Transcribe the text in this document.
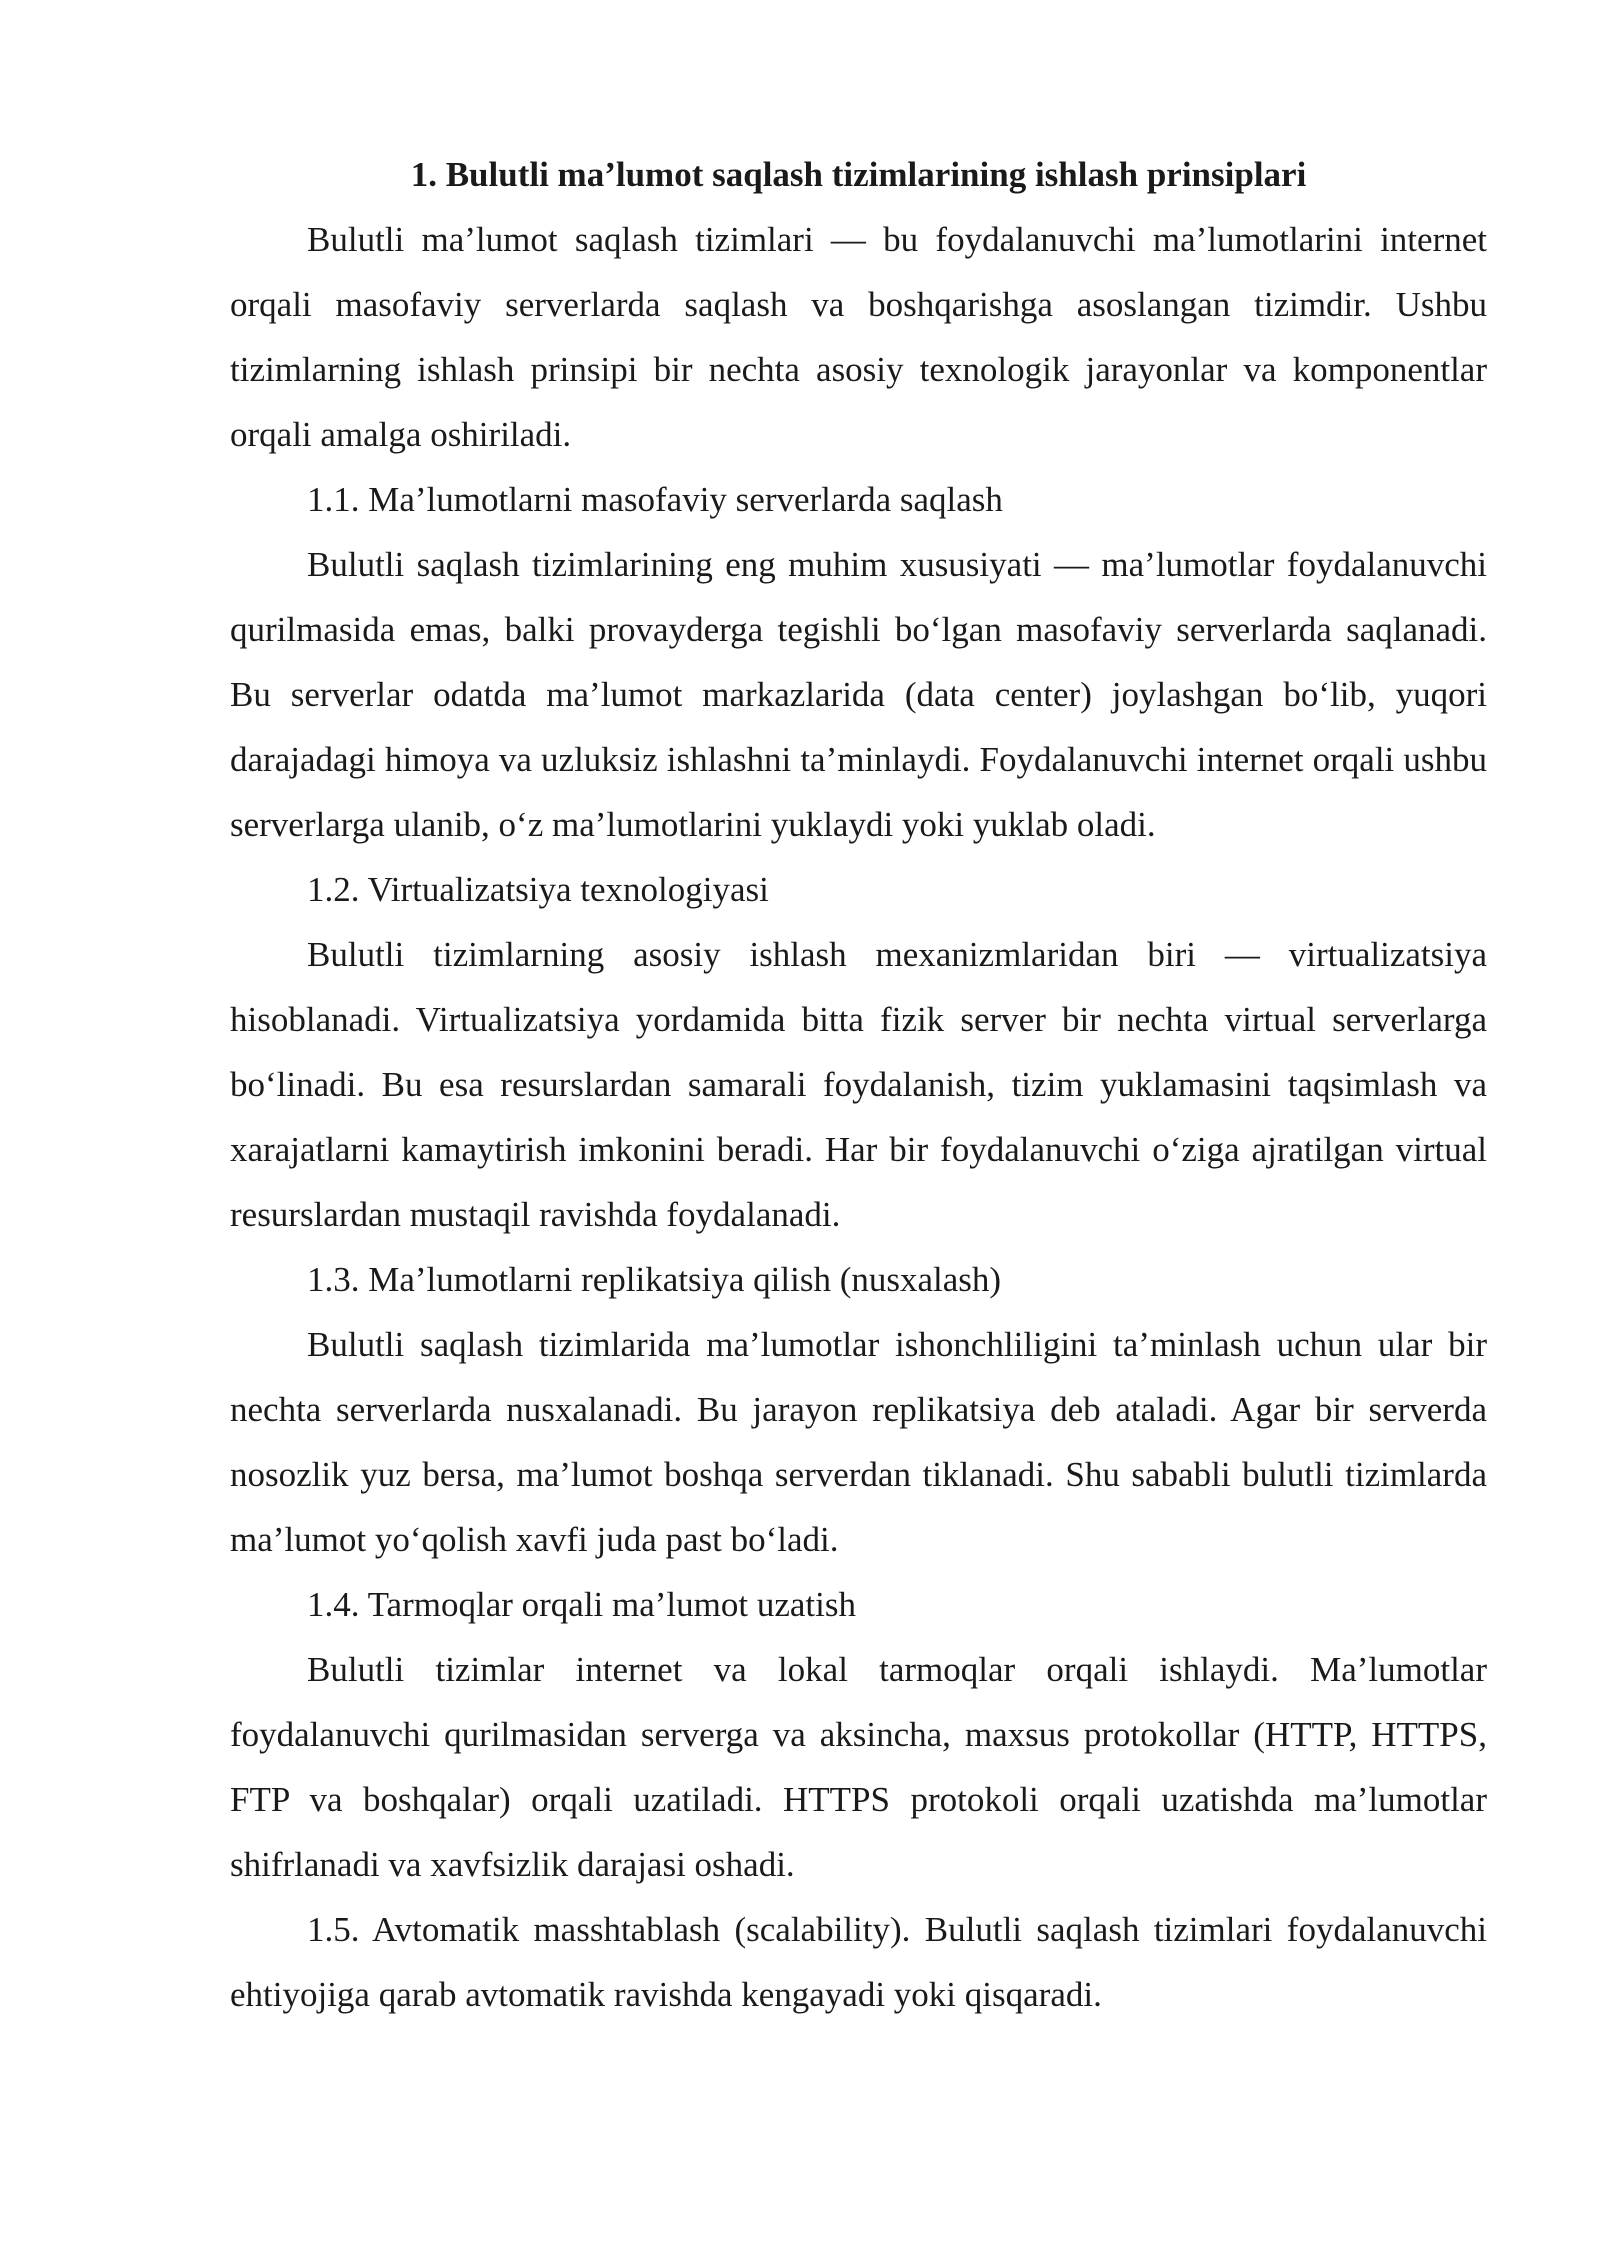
1. Bulutli ma’lumot saqlash tizimlarining ishlash prinsiplari

Bulutli ma’lumot saqlash tizimlari — bu foydalanuvchi ma’lumotlarini internet orqali masofaviy serverlarda saqlash va boshqarishga asoslangan tizimdir. Ushbu tizimlarning ishlash prinsipi bir nechta asosiy texnologik jarayonlar va komponentlar orqali amalga oshiriladi.

1.1. Ma’lumotlarni masofaviy serverlarda saqlash

Bulutli saqlash tizimlarining eng muhim xususiyati — ma’lumotlar foydalanuvchi qurilmasida emas, balki provayderga tegishli bo‘lgan masofaviy serverlarda saqlanadi. Bu serverlar odatda ma’lumot markazlarida (data center) joylashgan bo‘lib, yuqori darajadagi himoya va uzluksiz ishlashni ta’minlaydi. Foydalanuvchi internet orqali ushbu serverlarga ulanib, o‘z ma’lumotlarini yuklaydi yoki yuklab oladi.

1.2. Virtualizatsiya texnologiyasi

Bulutli tizimlarning asosiy ishlash mexanizmlaridan biri — virtualizatsiya hisoblanadi. Virtualizatsiya yordamida bitta fizik server bir nechta virtual serverlarga bo‘linadi. Bu esa resurslardan samarali foydalanish, tizim yuklamasini taqsimlash va xarajatlarni kamaytirish imkonini beradi. Har bir foydalanuvchi o‘ziga ajratilgan virtual resurslardan mustaqil ravishda foydalanadi.

1.3. Ma’lumotlarni replikatsiya qilish (nusxalash)

Bulutli saqlash tizimlarida ma’lumotlar ishonchliligini ta’minlash uchun ular bir nechta serverlarda nusxalanadi. Bu jarayon replikatsiya deb ataladi. Agar bir serverda nosozlik yuz bersa, ma’lumot boshqa serverdan tiklanadi. Shu sababli bulutli tizimlarda ma’lumot yo‘qolish xavfi juda past bo‘ladi.

1.4. Tarmoqlar orqali ma’lumot uzatish

Bulutli tizimlar internet va lokal tarmoqlar orqali ishlaydi. Ma’lumotlar foydalanuvchi qurilmasidan serverga va aksincha, maxsus protokollar (HTTP, HTTPS, FTP va boshqalar) orqali uzatiladi. HTTPS protokoli orqali uzatishda ma’lumotlar shifrlanadi va xavfsizlik darajasi oshadi.

1.5. Avtomatik masshtablash (scalability). Bulutli saqlash tizimlari foydalanuvchi ehtiyojiga qarab avtomatik ravishda kengayadi yoki qisqaradi.
